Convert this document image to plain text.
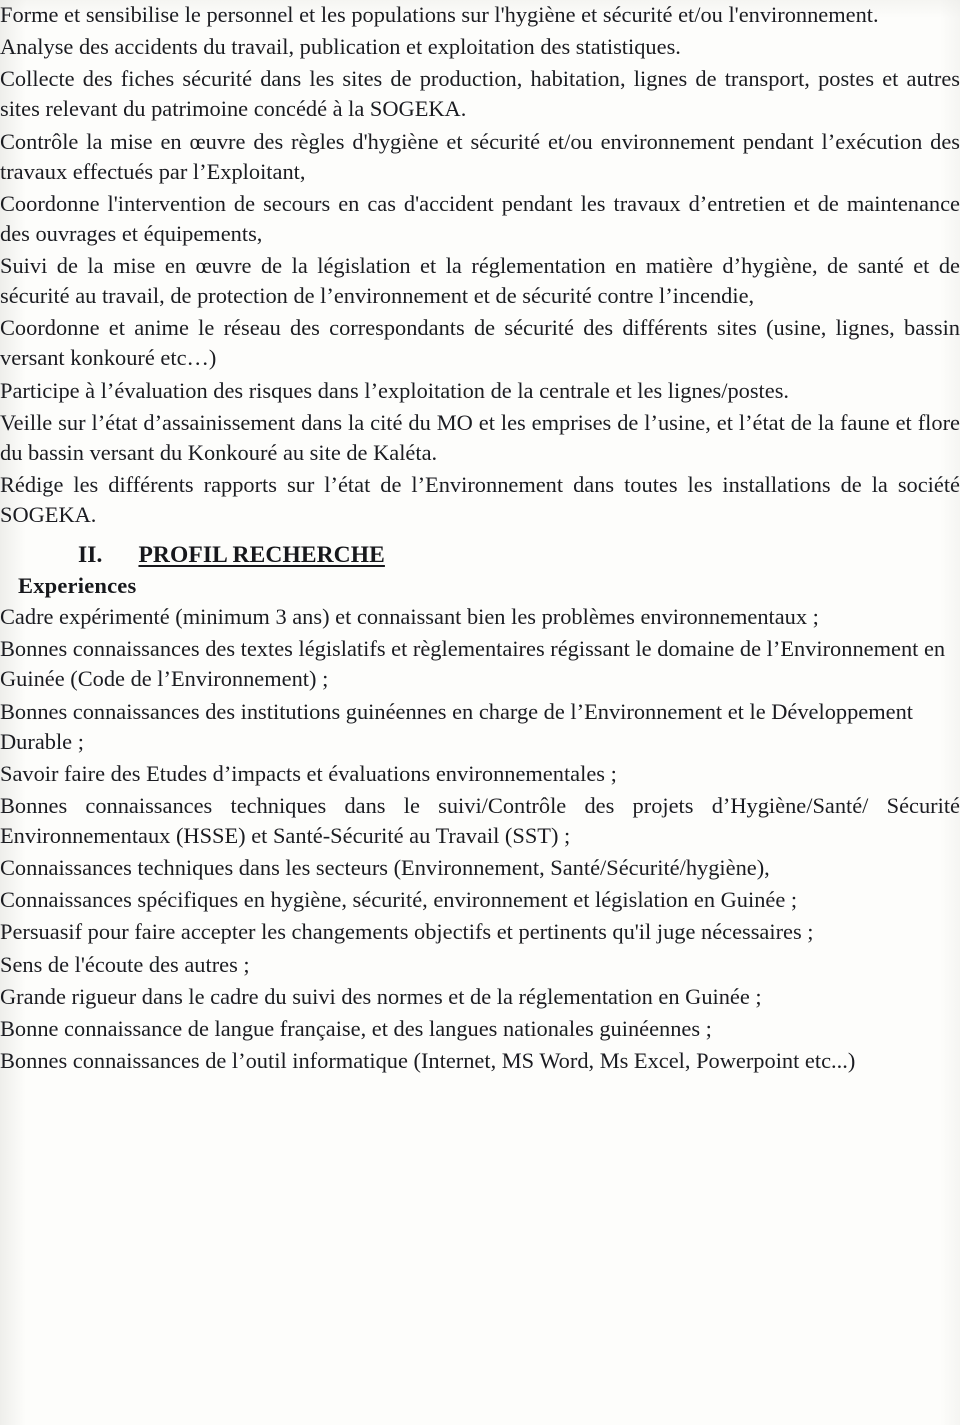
• Forme et sensibilise le personnel et les populations sur l'hygiène et sécurité et/ou l'environnement.
• Analyse des accidents du travail, publication et exploitation des statistiques.
• Collecte des fiches sécurité dans les sites de production, habitation, lignes de transport, postes et autres sites relevant du patrimoine concédé à la SOGEKA.
• Contrôle la mise en œuvre des règles d'hygiène et sécurité et/ou environnement pendant l’exécution des travaux effectués par l’Exploitant,
• Coordonne l'intervention de secours en cas d'accident pendant les travaux d’entretien et de maintenance des ouvrages et équipements,
• Suivi de la mise en œuvre de la législation et la réglementation en matière d’hygiène, de santé et de sécurité au travail, de protection de l’environnement et de sécurité contre l’incendie,
• Coordonne et anime le réseau des correspondants de sécurité des différents sites (usine, lignes, bassin versant konkouré etc…)
• Participe à l’évaluation des risques dans l’exploitation de la centrale et les lignes/postes.
• Veille sur l’état d’assainissement dans la cité du MO et les emprises de l’usine, et l’état de la faune et flore du bassin versant du Konkouré au site de Kaléta.
• Rédige les différents rapports sur l’état de l’Environnement dans toutes les installations de la société SOGEKA.
II. PROFIL RECHERCHE
Experiences
• Cadre expérimenté (minimum 3 ans) et connaissant bien les problèmes environnementaux ;
• Bonnes connaissances des textes législatifs et règlementaires régissant le domaine de l’Environnement en Guinée (Code de l’Environnement) ;
• Bonnes connaissances des institutions guinéennes en charge de l’Environnement et le Développement Durable ;
• Savoir faire des Etudes d’impacts et évaluations environnementales ;
• Bonnes connaissances techniques dans le suivi/Contrôle des projets d’Hygiène/Santé/ Sécurité Environnementaux (HSSE) et Santé-Sécurité au Travail (SST) ;
• Connaissances techniques dans les secteurs (Environnement, Santé/Sécurité/hygiène),
• Connaissances spécifiques en hygiène, sécurité, environnement et législation en Guinée ;
• Persuasif pour faire accepter les changements objectifs et pertinents qu'il juge nécessaires ;
• Sens de l'écoute des autres ;
• Grande rigueur dans le cadre du suivi des normes et de la réglementation en Guinée ;
• Bonne connaissance de langue française, et des langues nationales guinéennes ;
• Bonnes connaissances de l’outil informatique (Internet, MS Word, Ms Excel, Powerpoint etc...)
